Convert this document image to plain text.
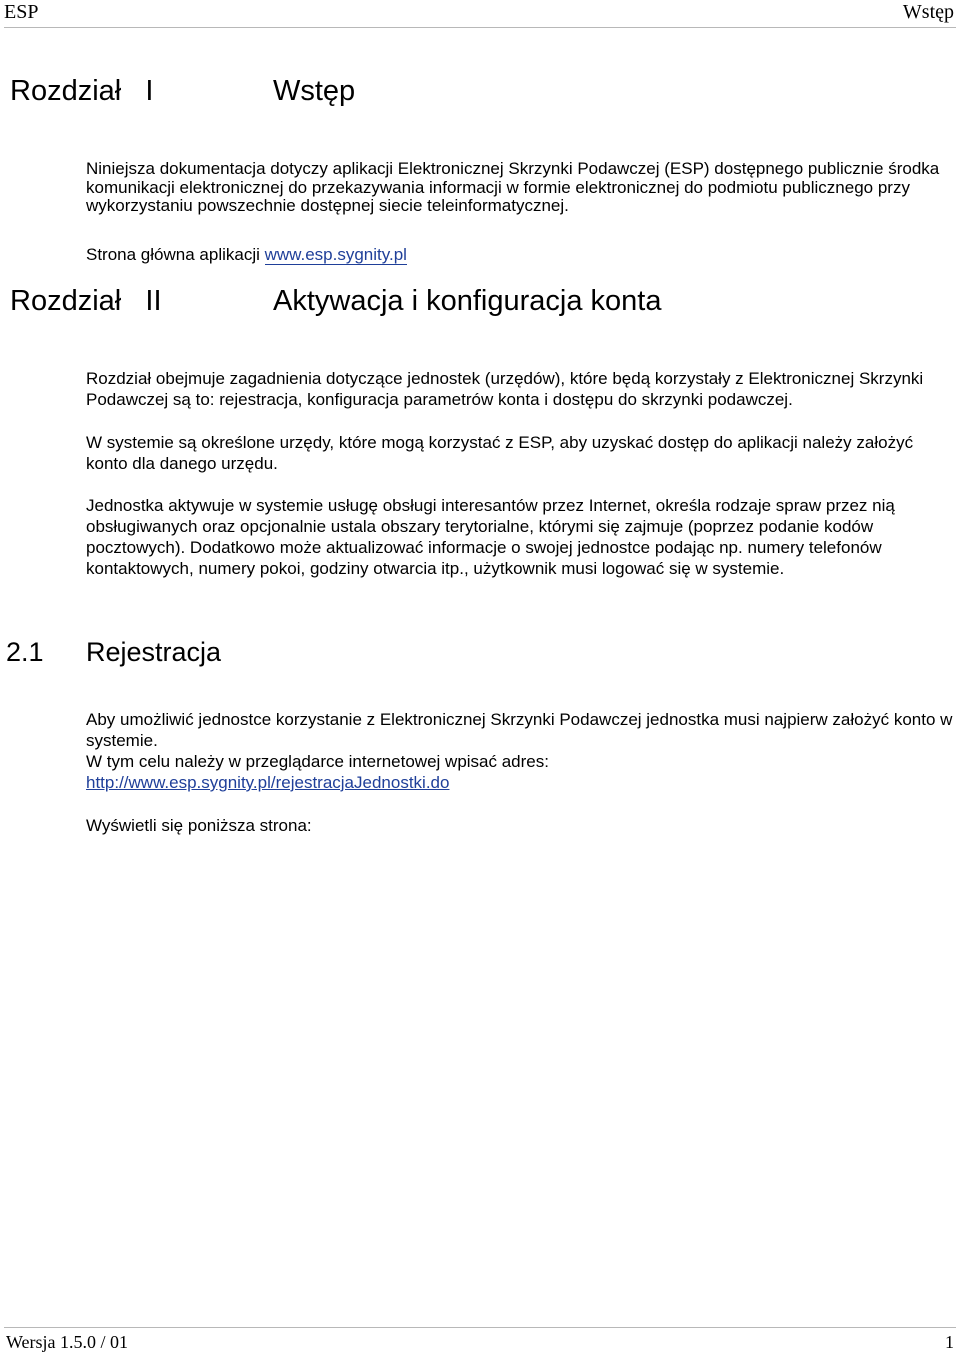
ESP	Wstęp
Rozdział   I	Wstęp

Niniejsza dokumentacja dotyczy aplikacji Elektronicznej Skrzynki Podawczej (ESP) dostępnego publicznie środka komunikacji elektronicznej do przekazywania informacji w formie elektronicznej do podmiotu publicznego przy wykorzystaniu powszechnie dostępnej siecie teleinformatycznej.

Strona główna aplikacji www.esp.sygnity.pl

Rozdział   II	Aktywacja i konfiguracja konta

Rozdział obejmuje zagadnienia dotyczące jednostek (urzędów), które będą korzystały z Elektronicznej Skrzynki Podawczej są to: rejestracja, konfiguracja parametrów konta i dostępu do skrzynki podawczej.

W systemie są określone urzędy, które mogą korzystać z ESP, aby uzyskać dostęp do aplikacji należy założyć konto dla danego urzędu.

Jednostka aktywuje w systemie usługę obsługi interesantów przez Internet, określa rodzaje spraw przez nią obsługiwanych oraz opcjonalnie ustala obszary terytorialne, którymi się zajmuje (poprzez podanie kodów pocztowych). Dodatkowo może aktualizować informacje o swojej jednostce podając np. numery telefonów kontaktowych, numery pokoi, godziny otwarcia itp., użytkownik musi logować się w systemie.

2.1 Rejestracja

Aby umożliwić jednostce korzystanie z Elektronicznej Skrzynki Podawczej jednostka musi najpierw założyć konto w systemie.

W tym celu należy w przeglądarce internetowej wpisać adres:

http://www.esp.sygnity.pl/rejestracjaJednostki.do

Wyświetli się poniższa strona:

Wersja 1.5.0 / 01	1
